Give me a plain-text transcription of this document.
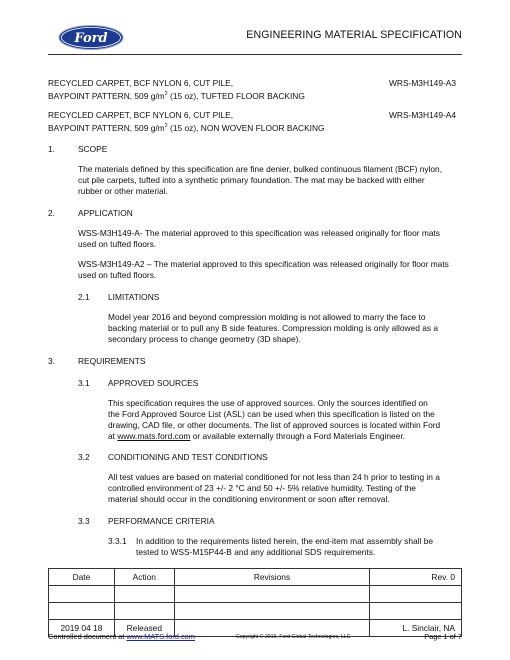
Ford	ENGINEERING MATERIAL SPECIFICATION
RECYCLED CARPET, BCF NYLON 6, CUT PILE,
BAYPOINT PATTERN, 509 $g/m^2$ (15 oz), TUFTED FLOOR BACKING
WRS-M3H149-A3
RECYCLED CARPET, BCF NYLON 6, CUT PILE,
BAYPOINT PATTERN, 509 $g/m^2$ (15 oz), NON WOVEN FLOOR BACKING
WRS-M3H149-A4
1.	SCOPE
The materials defined by this specification are fine denier, bulked continuous filament (BCF) nylon,
cut pile carpets, tufted into a synthetic primary foundation. The mat may be backed with either
rubber or other material.
2.	APPLICATION
WSS-M3H149-A- The material approved to this specification was released originally for floor mats
used on tufted floors.
WSS-M3H149-A2 – The material approved to this specification was released originally for floor mats
used on tufted floors.
2.1 LIMITATIONS
Model year 2016 and beyond compression molding is not allowed to marry the face to
backing material or to pull any B side features. Compression molding is only allowed as a
secondary process to change geometry (3D shape).
3.	REQUIREMENTS
3.1 APPROVED SOURCES
This specification requires the use of approved sources. Only the sources identified on
the Ford Approved Source List (ASL) can be used when this specification is listed on the
drawing, CAD file, or other documents. The list of approved sources is located within Ford
at www.mats.ford.com or available externally through a Ford Materials Engineer.
3.2 CONDITIONING AND TEST CONDITIONS
All test values are based on material conditioned for not less than 24 h prior to testing in a
controlled environment of 23 +/- 2 °C and 50 +/- 5% relative humidity. Testing of the
material should occur in the conditioning environment or soon after removal.
3.3 PERFORMANCE CRITERIA
3.3.1 In addition to the requirements listed herein, the end-item mat assembly shall be
tested to WSS-M15P44-B and any additional SDS requirements.
Date	Action	Revisions	Rev. 0

2019 04 18	Released		L. Sinclair, NA
Controlled document at www.MATS.ford.com	Copyright © 2019, Ford Global Technologies, LLC	Page 1 of 7
